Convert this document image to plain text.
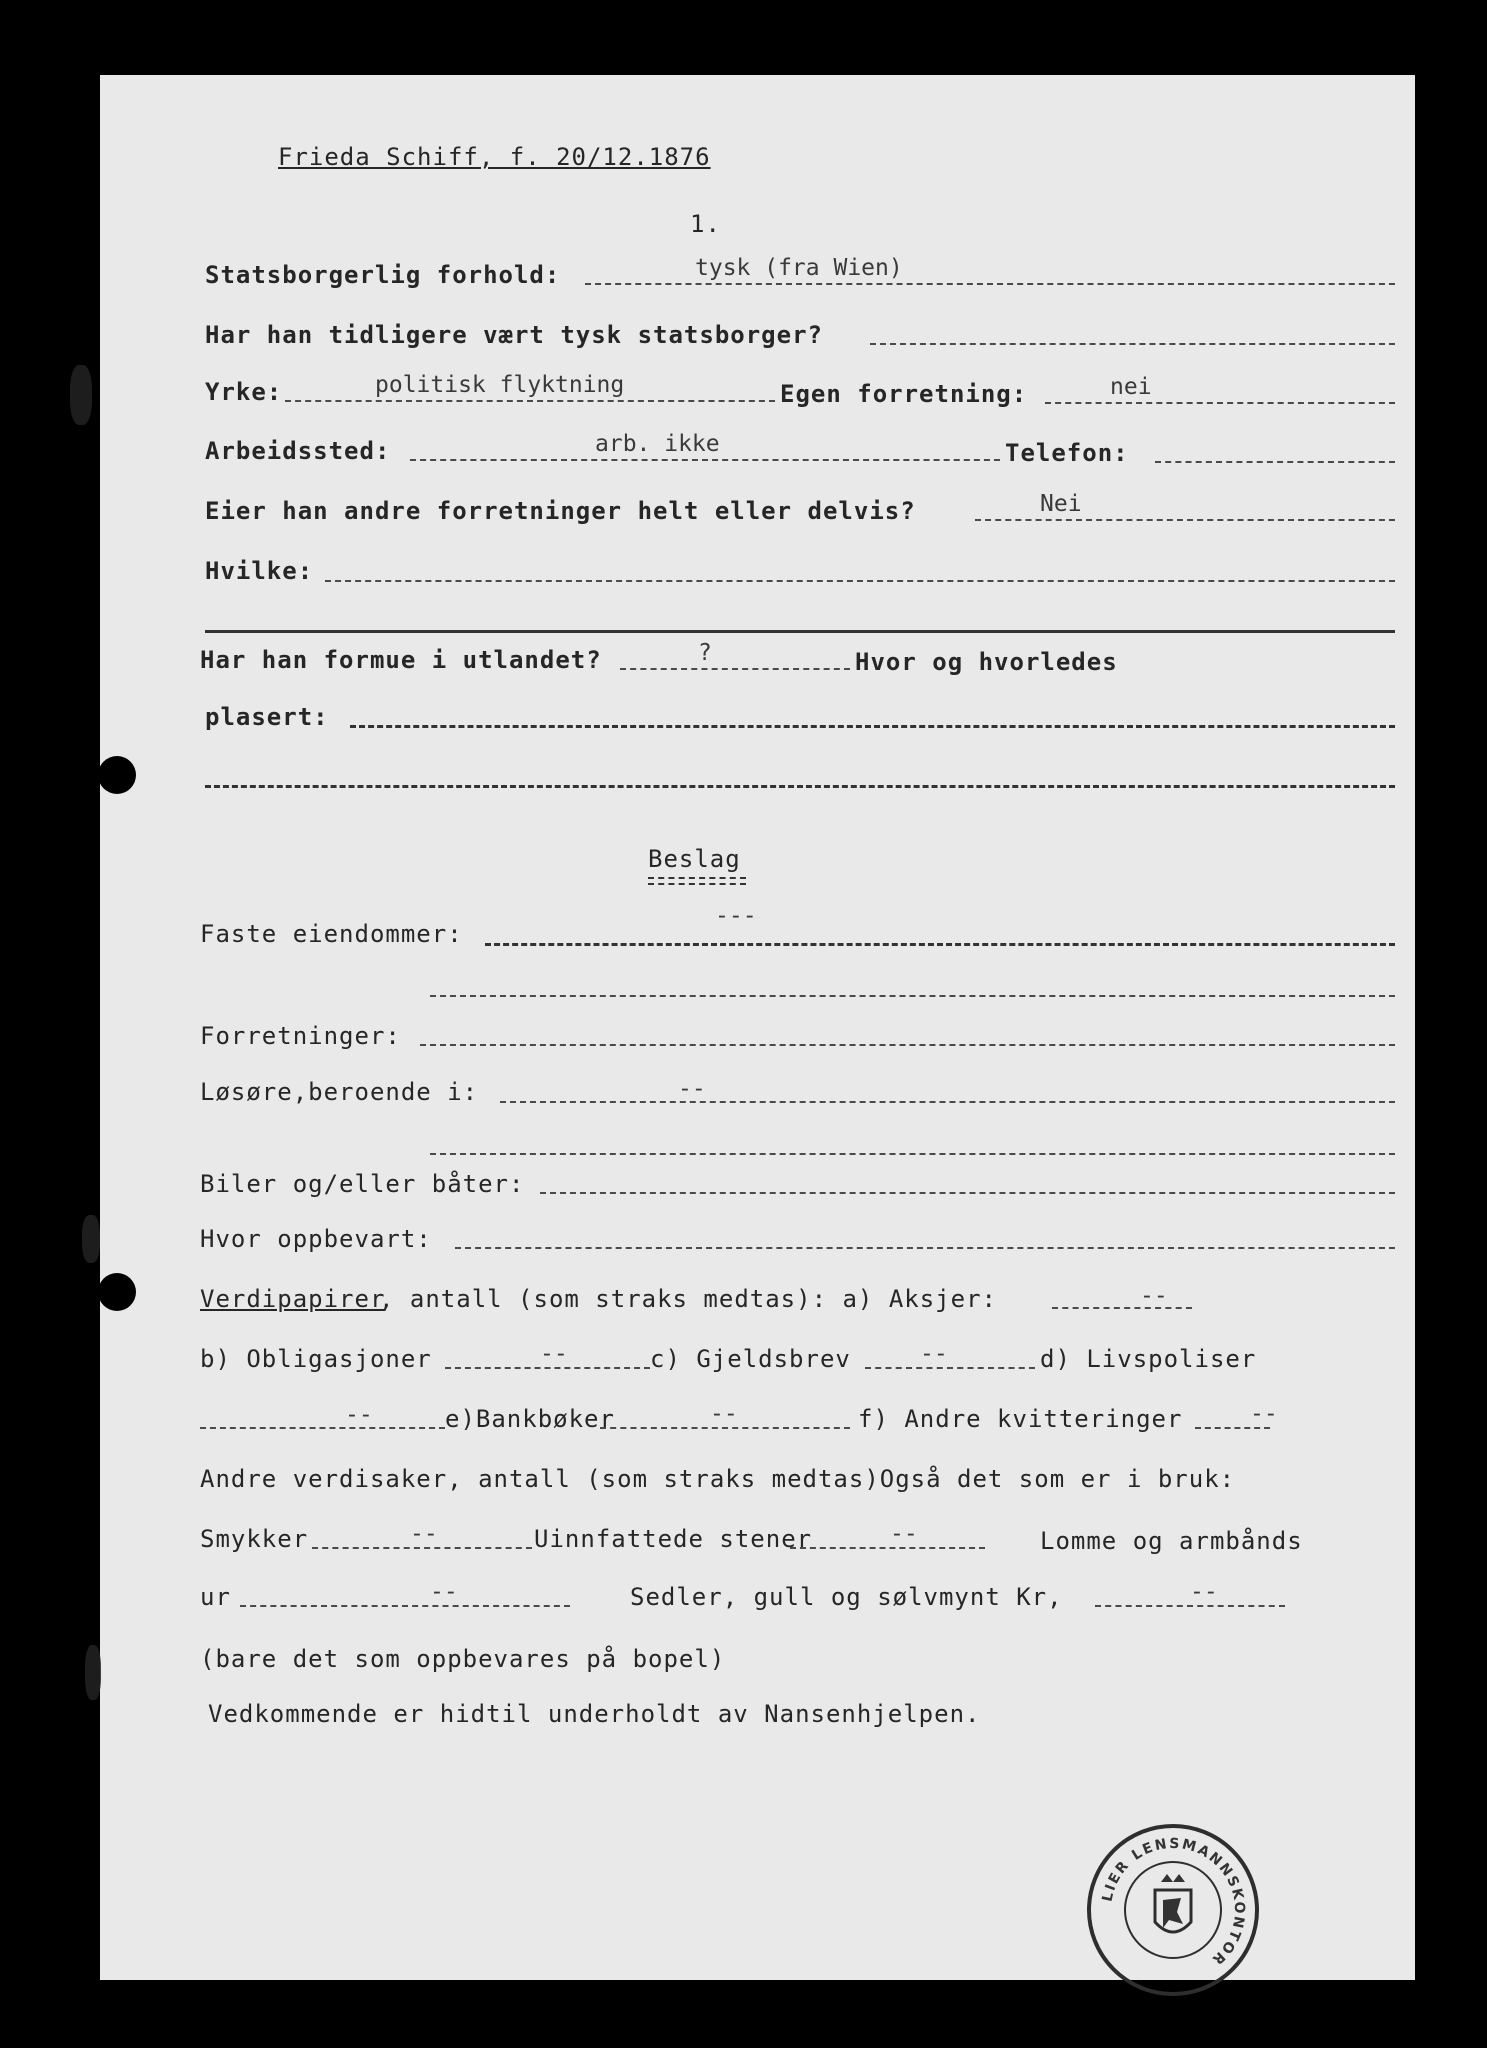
Frieda Schiff, f. 20/12.1876
1.
Statsborgerlig forhold:	tysk (fra Wien)
Har han tidligere vært tysk statsborger?
Yrke:	politisk flyktning	Egen forretning:	nei
Arbeidssted:	arb. ikke	Telefon:
Eier han andre forretninger helt eller delvis?	Nei
Hvilke:
Har han formue i utlandet?	?	Hvor og hvorledes
plasert:
Beslag
Faste eiendommer:
---
Forretninger:
Løsøre,beroende i:	--
Biler og/eller båter:
Hvor oppbevart:
Verdipapirer
, antall (som straks medtas): a) Aksjer:	--
b) Obligasjoner	--	c) Gjeldsbrev	--	d) Livspoliser
--	e)Bankbøker	--	f) Andre kvitteringer	--
Andre verdisaker, antall (som straks medtas)Også det som er i bruk:
Smykker	--	Uinnfattede stener	--	Lomme og armbånds
ur	--	Sedler, gull og sølvmynt Kr,	--
(bare det som oppbevares på bopel)
Vedkommende er hidtil underholdt av Nansenhjelpen.
LIER LENSMANNSKONTOR
